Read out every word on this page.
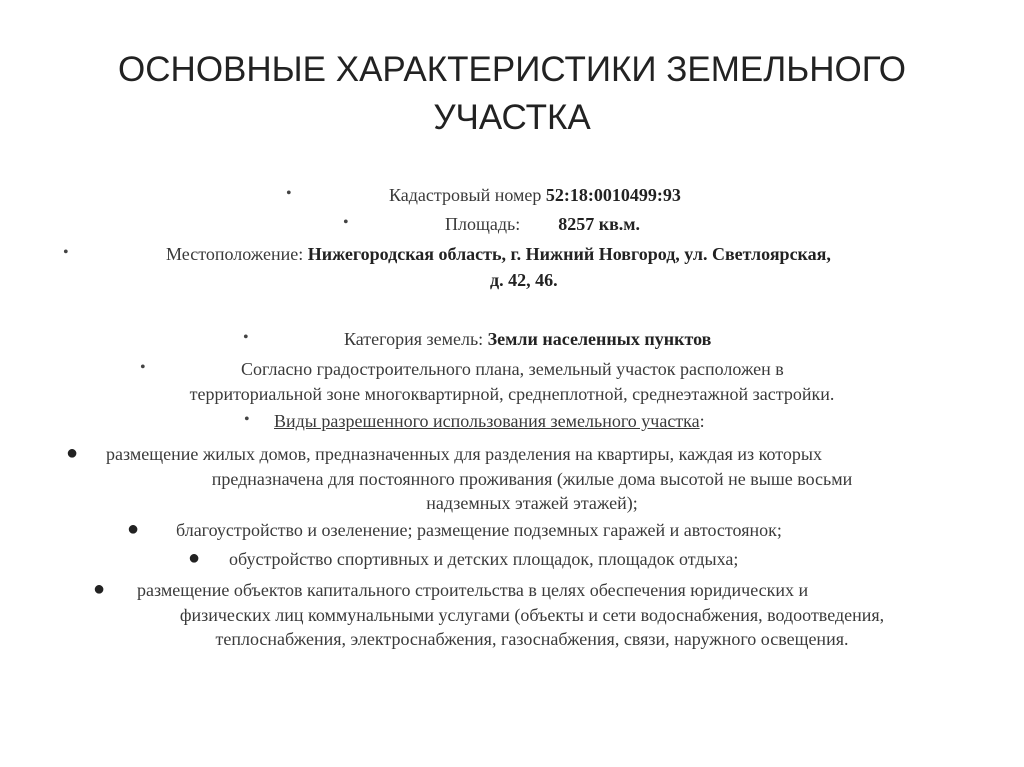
ОСНОВНЫЕ ХАРАКТЕРИСТИКИ ЗЕМЕЛЬНОГО
УЧАСТКА
•	Кадастровый номер 52:18:0010499:93
•	Площадь: 8257 кв.м.
•	Местоположение: Нижегородская область, г. Нижний Новгород, ул. Светлоярская,
д. 42, 46.
•	Категория земель: Земли населенных пунктов
•	Согласно градостроительного плана, земельный участок расположен в
территориальной зоне многоквартирной, среднеплотной, среднеэтажной застройки.
• Виды разрешенного использования земельного участка:
● размещение жилых домов, предназначенных для разделения на квартиры, каждая из которых
предназначена для постоянного проживания (жилые дома высотой не выше восьми
надземных этажей этажей);
● благоустройство и озеленение; размещение подземных гаражей и автостоянок;
● обустройство спортивных и детских площадок, площадок отдыха;
● размещение объектов капитального строительства в целях обеспечения юридических и
физических лиц коммунальными услугами (объекты и сети водоснабжения, водоотведения,
теплоснабжения, электроснабжения, газоснабжения, связи, наружного освещения.
